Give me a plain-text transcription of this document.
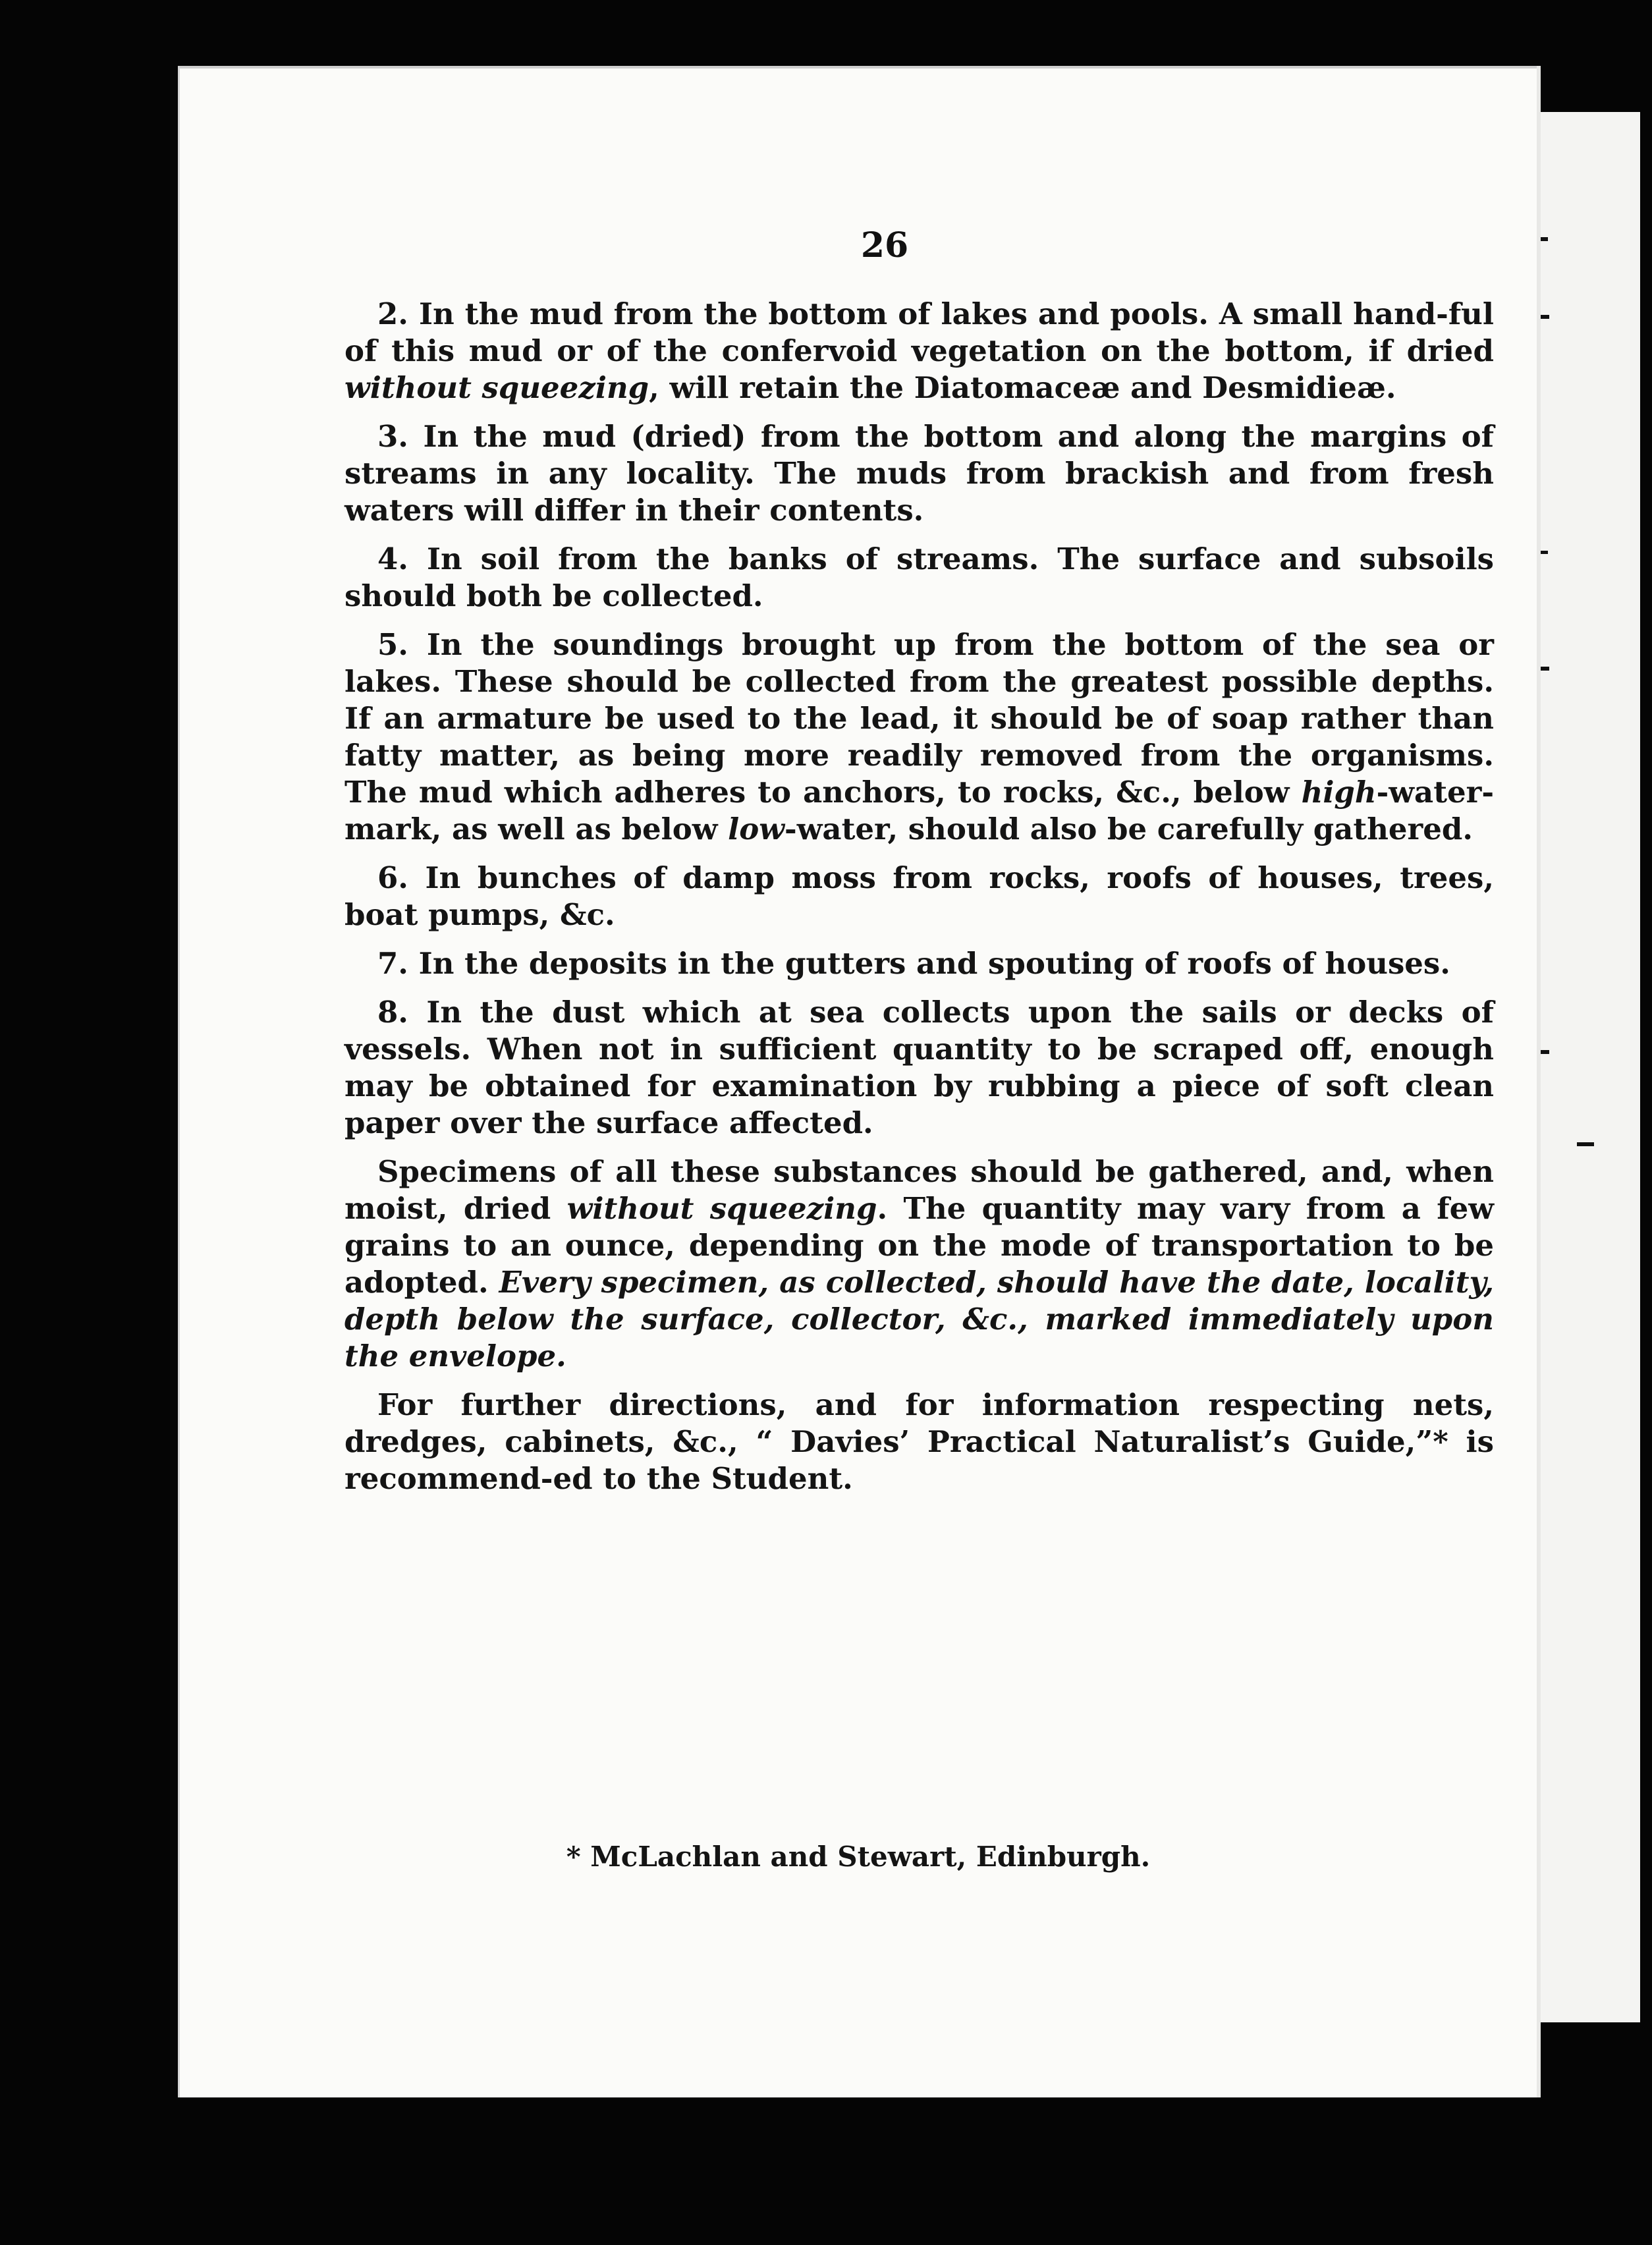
26

2. In the mud from the bottom of lakes and pools. A small hand-ful of this mud or of the confervoid vegetation on the bottom, if dried without squeezing, will retain the Diatomaceæ and Desmidieæ.

3. In the mud (dried) from the bottom and along the margins of streams in any locality. The muds from brackish and from fresh waters will differ in their contents.

4. In soil from the banks of streams. The surface and subsoils should both be collected.

5. In the soundings brought up from the bottom of the sea or lakes. These should be collected from the greatest possible depths. If an armature be used to the lead, it should be of soap rather than fatty matter, as being more readily removed from the organisms. The mud which adheres to anchors, to rocks, &c., below high-water-mark, as well as below low-water, should also be carefully gathered.

6. In bunches of damp moss from rocks, roofs of houses, trees, boat pumps, &c.

7. In the deposits in the gutters and spouting of roofs of houses.

8. In the dust which at sea collects upon the sails or decks of vessels. When not in sufficient quantity to be scraped off, enough may be obtained for examination by rubbing a piece of soft clean paper over the surface affected.

Specimens of all these substances should be gathered, and, when moist, dried without squeezing. The quantity may vary from a few grains to an ounce, depending on the mode of transportation to be adopted. Every specimen, as collected, should have the date, locality, depth below the surface, collector, &c., marked immediately upon the envelope.

For further directions, and for information respecting nets, dredges, cabinets, &c., “ Davies’ Practical Naturalist’s Guide,”* is recommend-ed to the Student.

* McLachlan and Stewart, Edinburgh.
